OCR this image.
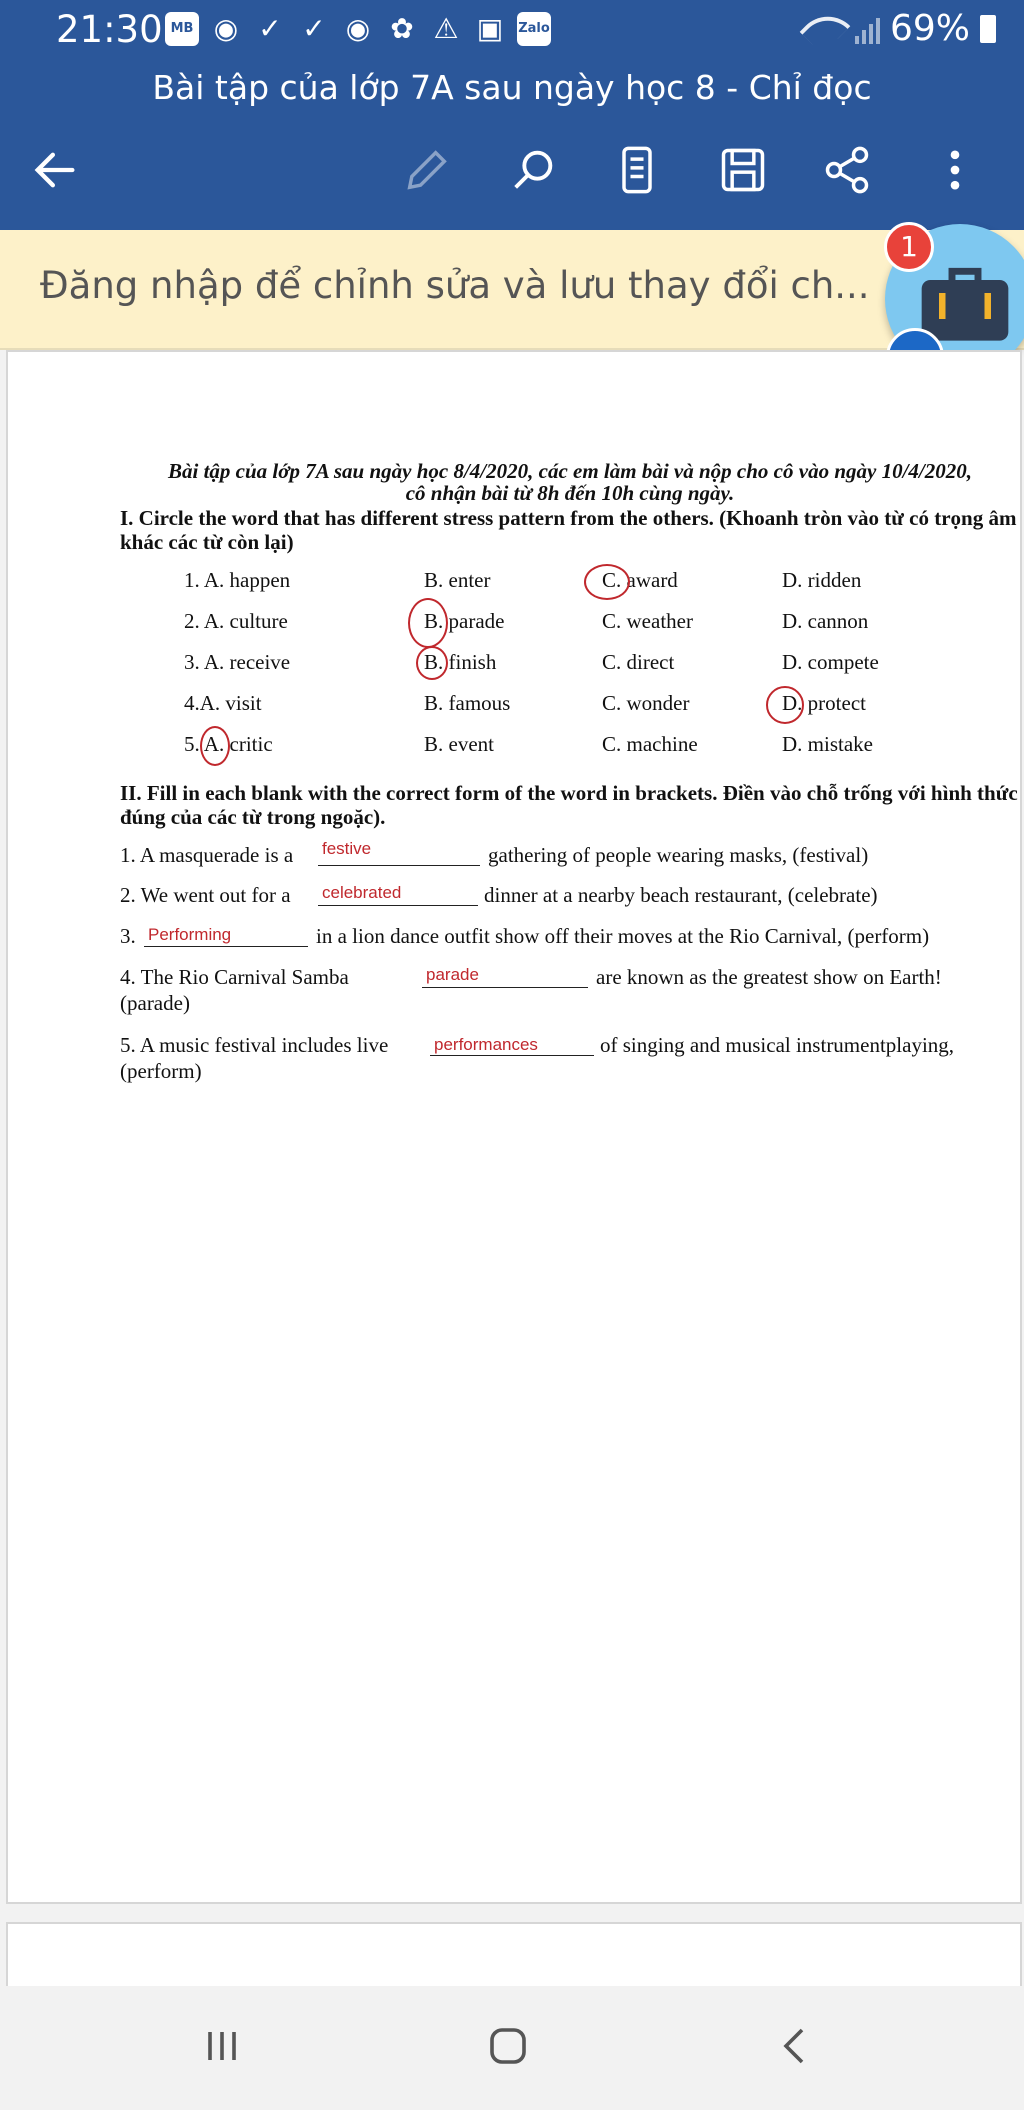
21:30 MB ◉ ✓ ✓ ◉ ✿ ⚠ ▣ Zalo	69%
Bài tập của lớp 7A sau ngày học 8 - Chỉ đọc
Đăng nhập để chỉnh sửa và lưu thay đổi ch...
1
Bài tập của lớp 7A sau ngày học 8/4/2020, các em làm bài và nộp cho cô vào ngày 10/4/2020,
cô nhận bài từ 8h đến 10h cùng ngày.
I. Circle the word that has different stress pattern from the others. (Khoanh tròn vào từ có trọng âm khác các từ còn lại)
1. A. happen	B. enter	C. award	D. ridden
2. A. culture	B. parade	C. weather	D. cannon
3. A. receive	B. finish	C. direct	D. compete
4.A. visit	B. famous	C. wonder	D. protect
5. A. critic	B. event	C. machine	D. mistake
II. Fill in each blank with the correct form of the word in brackets. Điền vào chỗ trống với hình thức đúng của các từ trong ngoặc).
1. A masquerade is a festive	gathering of people wearing masks, (festival)
2. We went out for a celebrated	dinner at a nearby beach restaurant, (celebrate)
3. Performing	in a lion dance outfit show off their moves at the Rio Carnival, (perform)
4. The Rio Carnival Samba	parade	are known as the greatest show on Earth!
(parade)
5. A music festival includes live	performances	of singing and musical instrumentplaying,
(perform)
